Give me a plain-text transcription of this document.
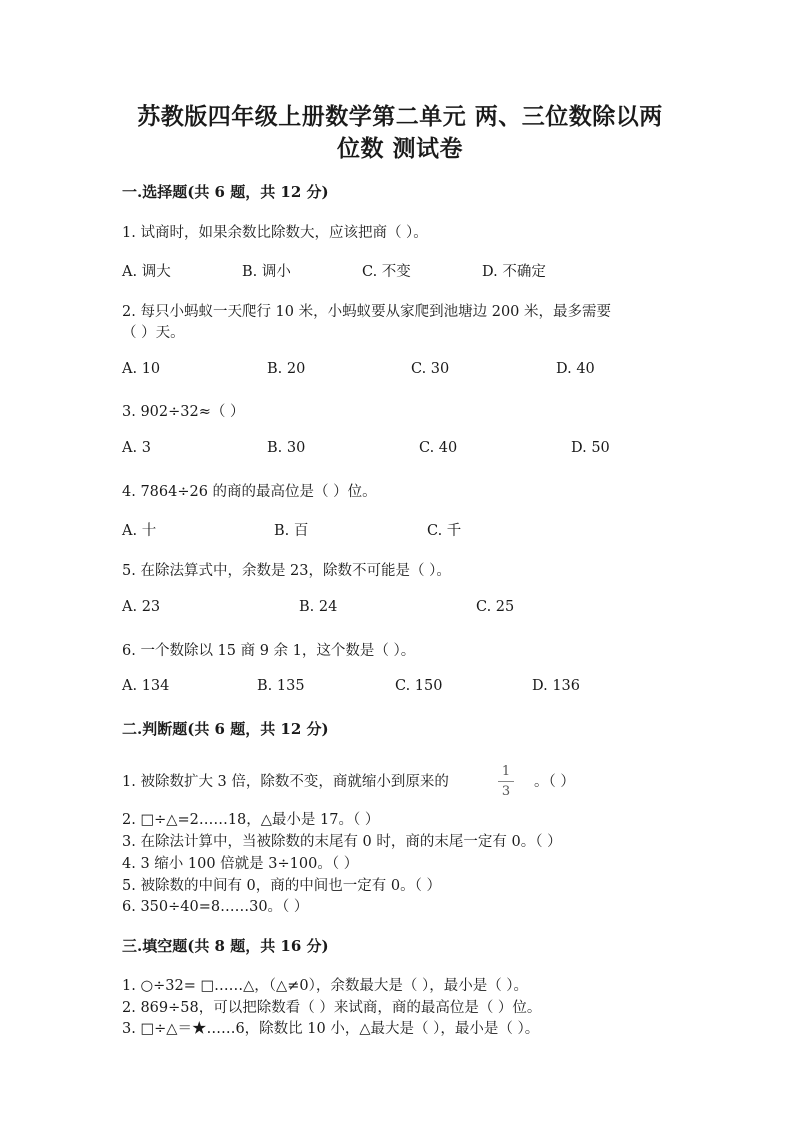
苏教版四年级上册数学第二单元 两、三位数除以两
位数 测试卷
一.选择题(共 6 题，共 12 分)
1. 试商时，如果余数比除数大，应该把商（ ）。
A. 调大	B. 调小	C. 不变	D. 不确定
2. 每只小蚂蚁一天爬行 10 米，小蚂蚁要从家爬到池塘边 200 米，最多需要
（ ）天。
A. 10	B. 20	C. 30	D. 40
3. 902÷32≈（ ）
A. 3	B. 30	C. 40	D. 50
4. 7864÷26 的商的最高位是（ ）位。
A. 十	B. 百	C. 千
5. 在除法算式中，余数是 23，除数不可能是（ ）。
A. 23	B. 24	C. 25
6. 一个数除以 15 商 9 余 1，这个数是（ ）。
A. 134	B. 135	C. 150	D. 136
二.判断题(共 6 题，共 12 分)
1. 被除数扩大 3 倍，除数不变，商就缩小到原来的
1
3
。（ ）
2. □÷△=2……18，△最小是 17。（ ）
3. 在除法计算中，当被除数的末尾有 0 时，商的末尾一定有 0。（ ）
4. 3 缩小 100 倍就是 3÷100。（ ）
5. 被除数的中间有 0，商的中间也一定有 0。（ ）
6. 350÷40=8……30。（ ）
三.填空题(共 8 题，共 16 分)
1. ○÷32= □……△，（△≠0），余数最大是（ ），最小是（ ）。
2. 869÷58，可以把除数看（ ）来试商，商的最高位是（ ）位。
3. □÷△＝★……6，除数比 10 小，△最大是（ ），最小是（ ）。
